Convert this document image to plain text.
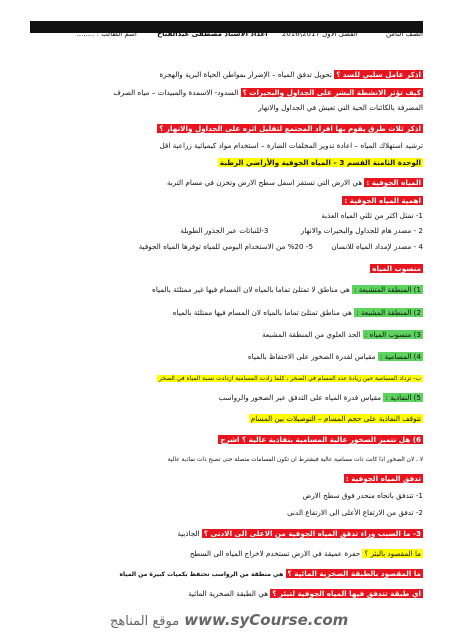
الصف الثامن الفصل الأول 2017\2016 اعداد الاستاذ مصطفى عبدالفتاح اسم الطالب : ........
اذكر عامل سلبي للسد ؟ تحويل تدفق المياه – الإضرار بمواطن الحياة البرية والهجرة
كيف تؤثر الانشطة البشر على الجداول والبحيرات ؟ السدود- الاسمدة والمبيدات – مياه الصرف
المصرفة بالكائنات الحية التي تعيش في الجداول والانهار
اذكر ثلاث طرق يقوم بها افراد المجتمع لتقليل اثره على الجداول والانهار ؟
ترشيد استهلاك المياه – اعادة تدوير المخلفات الضارة – استخدام مواد كيميائية زراعية اقل
الوحدة الثامنة القسم 3 – المياه الجوفية والأراضي الرطبة
المياه الجوفية : هي الارض التي تستقر اسفل سطح الارض وتخزن في مسام التربة
اهمية المياه الجوفية :
1- تمثل اكثر من ثلثي المياه العذبة
2 - مصدر هام للجداول والبحيرات والانهار 3-للنباتات عبر الجذور الطويلة
4 - مصدر لإمداد المياه للانسان 5- 20% من الاستخدام اليومي للمياه توفرها المياه الجوفية
منسوب المياه
1) المنطقة المتشبعة : هي مناطق لا تمتلئ تماما بالمياه لان المسام فيها غير ممتلئة بالمياه
2) المنطقة المشبعة : هي مناطق تمتلئ تماما بالمياه لان المسام فيها ممتلئة بالمياه
3) منسوب المياه : الحد العلوي من المنطقة المشبعة
4) المسامية : مقياس لقدرة الصخور على الاحتفاظ بالمياه
ب- تزداد المسامية حين زيادة عدد المسام في الصخر ، كلما زادت المسامية ازدادت نسبة المياه في الصخر
5) النفاذية : مقياس قدرة المياه على التدفق عبر الصخور والرواسب
تتوقف النفاذية على حجم المسام – التوصيلات بين المسام
6) هل تتميز الصخور عالية المسامية بنفاذية عالية ؟ اشرح
لا ، لان الصخور اذا كانت ذات مسامية عالية فيشترط ان تكون المسامات متصلة حتى تصبح ذات نفاذية عالية
تدفق المياه الجوفية :
1- تتدفق باتجاه منحدر فوق سطح الارض
2- تدفق من الارتفاع الأعلى الى الارتفاع الدنى
3- ما السبب وراء تدفق المياه الجوفية من الاعلى الى الادنى ؟ الجاذبية
ما المقصود بالبئر ؟ حفرة عميقة في الارض تستخدم لاخراج المياه الى السطح
ما المقصود بالطبقة الصخرية المائية ؟ هي منطقة من الرواسب تحتفظ بكميات كبيرة من المياه
اي طبقة تتدفق فيها المياه الجوفية لتبئر ؟ هي الطبقة الصخرية المائية
موقع المناهج www.syCourse.com
